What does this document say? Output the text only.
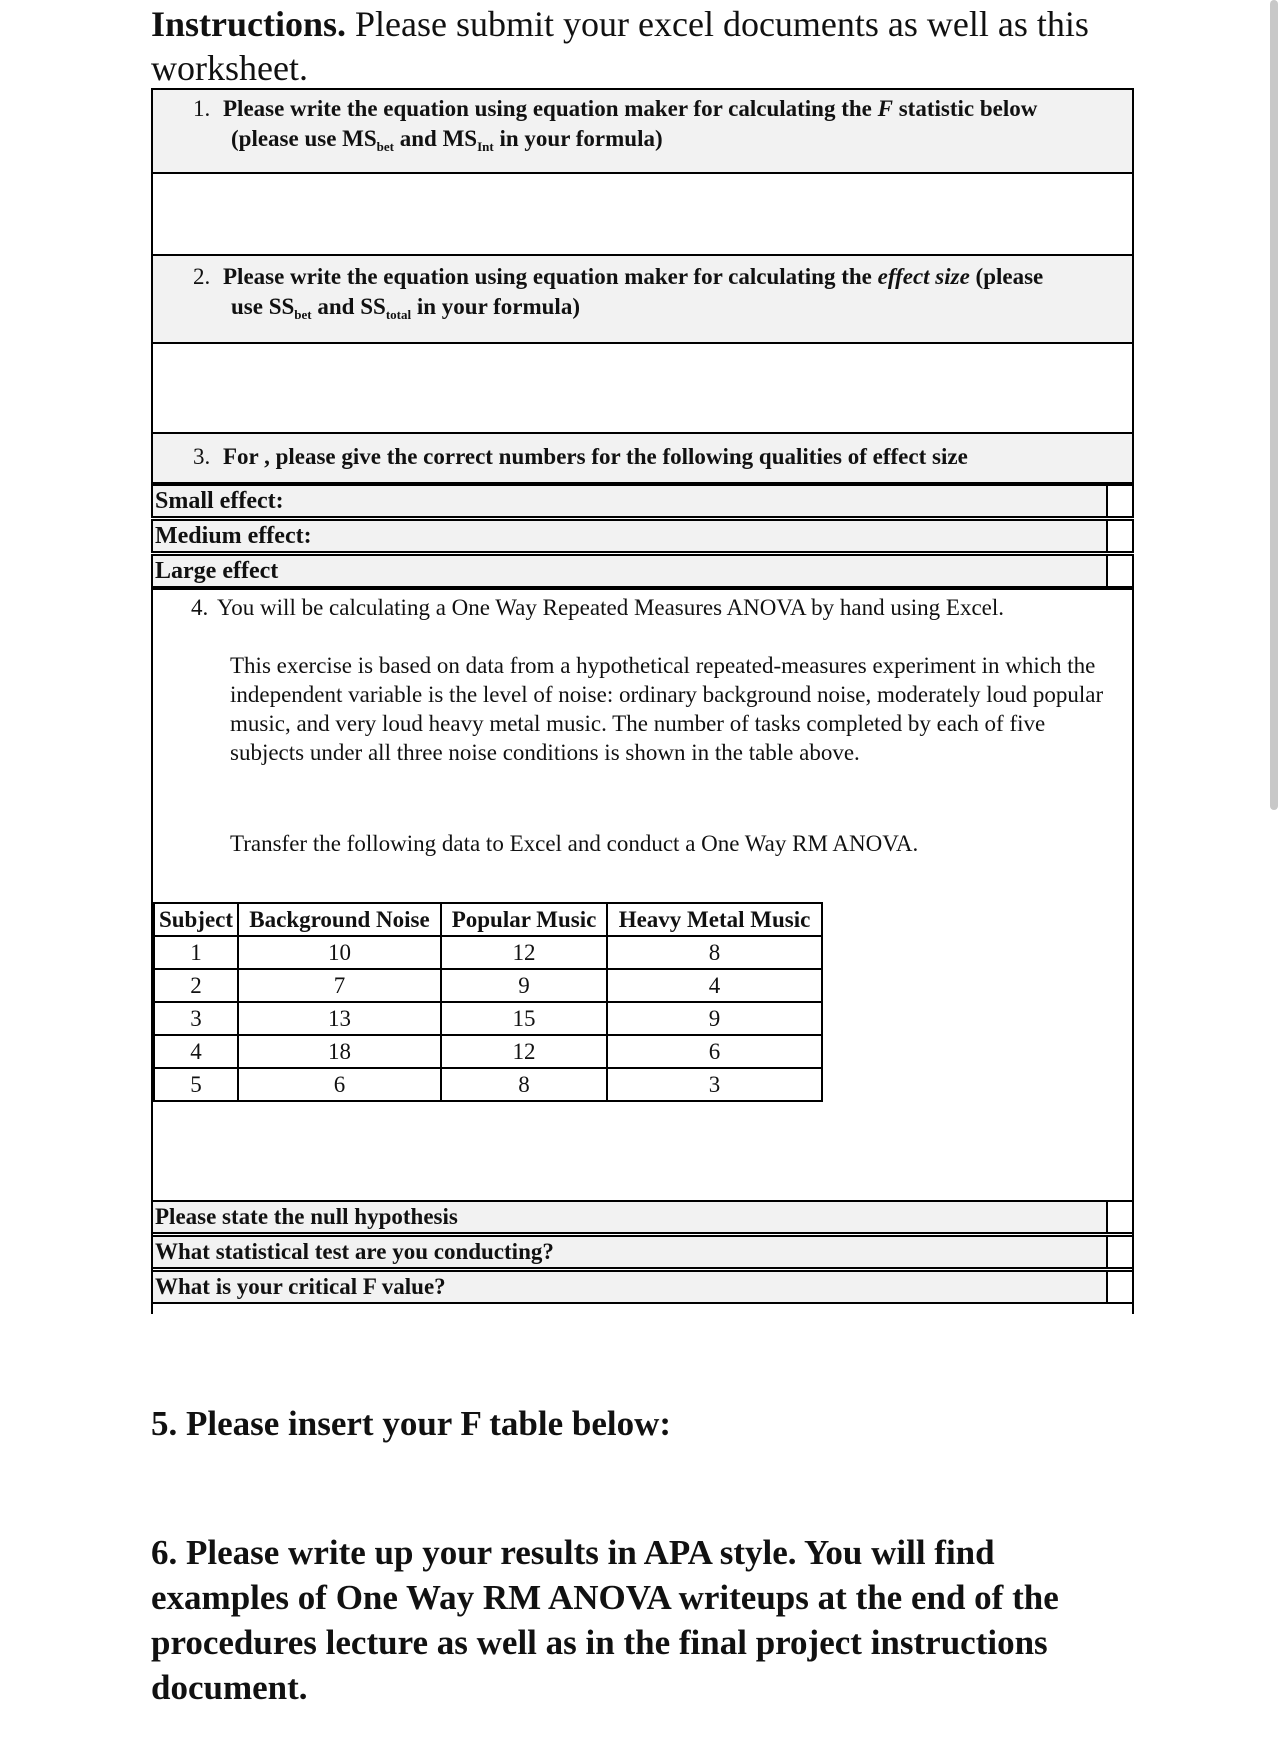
Instructions. Please submit your excel documents as well as this worksheet.
1. Please write the equation using equation maker for calculating the F statistic below
(please use $MS_{bet}$ and $MS_{Int}$ in your formula)
2. Please write the equation using equation maker for calculating the effect size (please
use $SS_{bet}$ and $SS_{total}$ in your formula)
3. For , please give the correct numbers for the following qualities of effect size
Small effect:
Medium effect:
Large effect
4. You will be calculating a One Way Repeated Measures ANOVA by hand using Excel.
This exercise is based on data from a hypothetical repeated-measures experiment in which the independent variable is the level of noise: ordinary background noise, moderately loud popular music, and very loud heavy metal music. The number of tasks completed by each of five subjects under all three noise conditions is shown in the table above.
Transfer the following data to Excel and conduct a One Way RM ANOVA.
Subject	Background Noise	Popular Music	Heavy Metal Music
1	10	12	8
2	7	9	4
3	13	15	9
4	18	12	6
5	6	8	3
Please state the null hypothesis
What statistical test are you conducting?
What is your critical F value?
5. Please insert your F table below:
6. Please write up your results in APA style. You will find examples of One Way RM ANOVA writeups at the end of the procedures lecture as well as in the final project instructions document.
